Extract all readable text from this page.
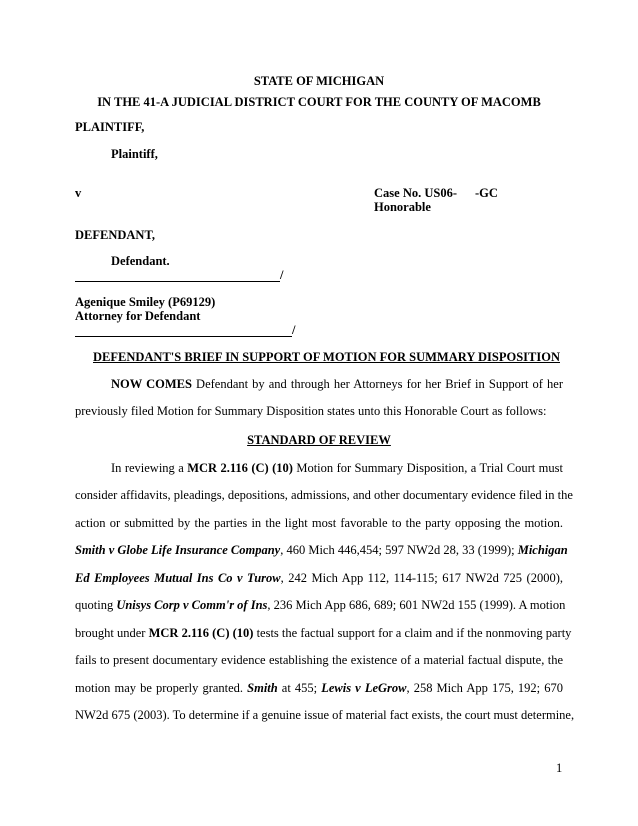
STATE OF MICHIGAN
IN THE 41-A JUDICIAL DISTRICT COURT FOR THE COUNTY OF MACOMB
PLAINTIFF,
Plaintiff,
v	Case No. US06- -GC
Honorable
DEFENDANT,
Defendant.
/
Agenique Smiley (P69129)
Attorney for Defendant
/
DEFENDANT'S BRIEF IN SUPPORT OF MOTION FOR SUMMARY DISPOSITION
NOW COMES Defendant by and through her Attorneys for her Brief in Support of her
previously filed Motion for Summary Disposition states unto this Honorable Court as follows:
STANDARD OF REVIEW
In reviewing a MCR 2.116 (C) (10) Motion for Summary Disposition, a Trial Court must
consider affidavits, pleadings, depositions, admissions, and other documentary evidence filed in the
action or submitted by the parties in the light most favorable to the party opposing the motion.
Smith v Globe Life Insurance Company, 460 Mich 446,454; 597 NW2d 28, 33 (1999); Michigan
Ed Employees Mutual Ins Co v Turow, 242 Mich App 112, 114-115; 617 NW2d 725 (2000),
quoting Unisys Corp v Comm'r of Ins, 236 Mich App 686, 689; 601 NW2d 155 (1999). A motion
brought under MCR 2.116 (C) (10) tests the factual support for a claim and if the nonmoving party
fails to present documentary evidence establishing the existence of a material factual dispute, the
motion may be properly granted. Smith at 455; Lewis v LeGrow, 258 Mich App 175, 192; 670
NW2d 675 (2003). To determine if a genuine issue of material fact exists, the court must determine,
1
